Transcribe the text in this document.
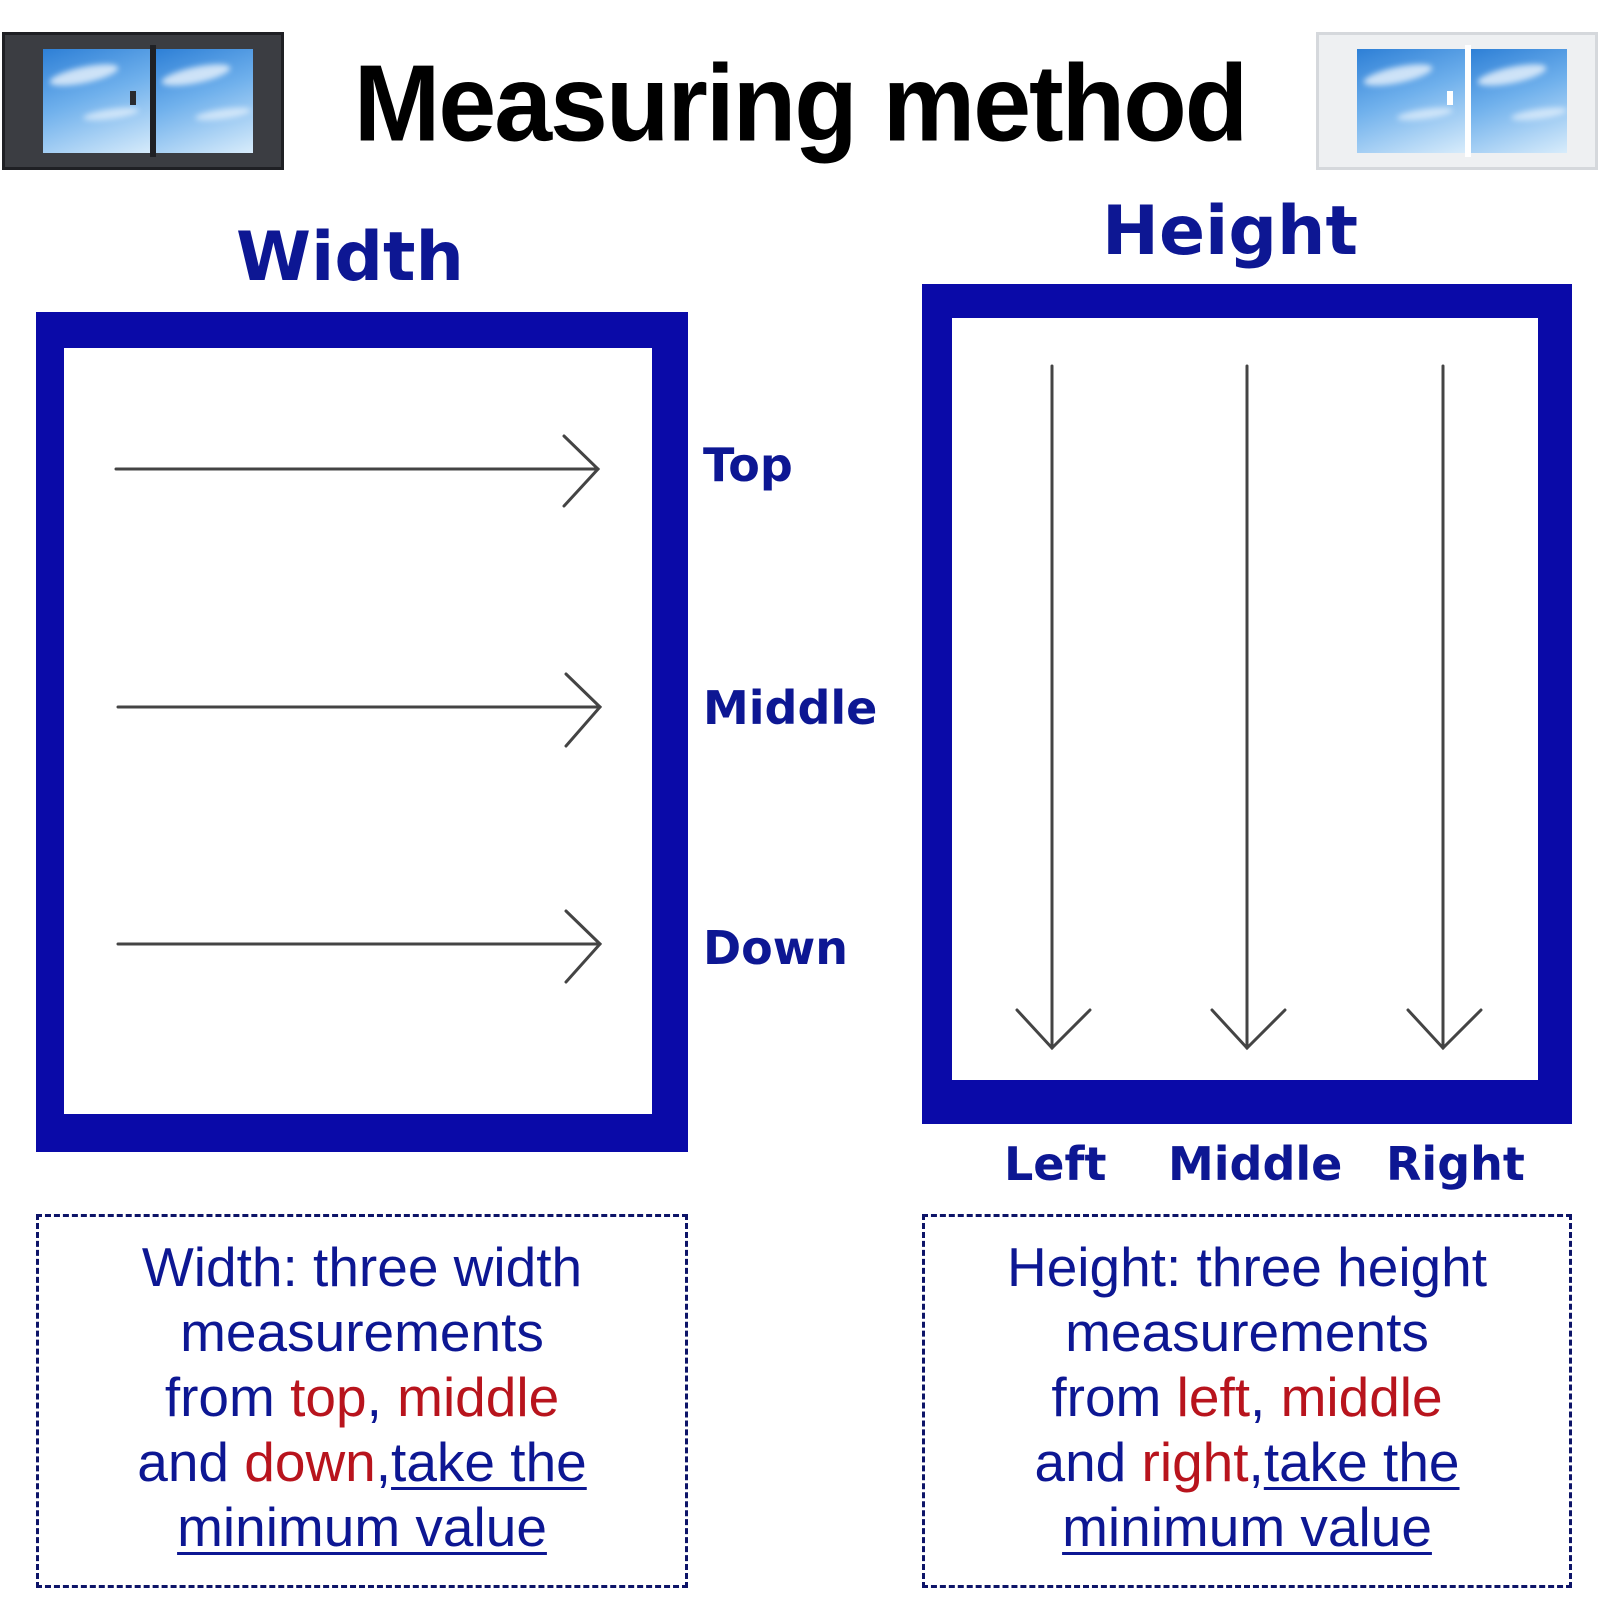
Measuring method
Width	Height
Top
Middle
Down
Left Middle Right
Width: three width
measurements
from top, middle
and down,take the
minimum value
Height: three height
measurements
from left, middle
and right,take the
minimum value
